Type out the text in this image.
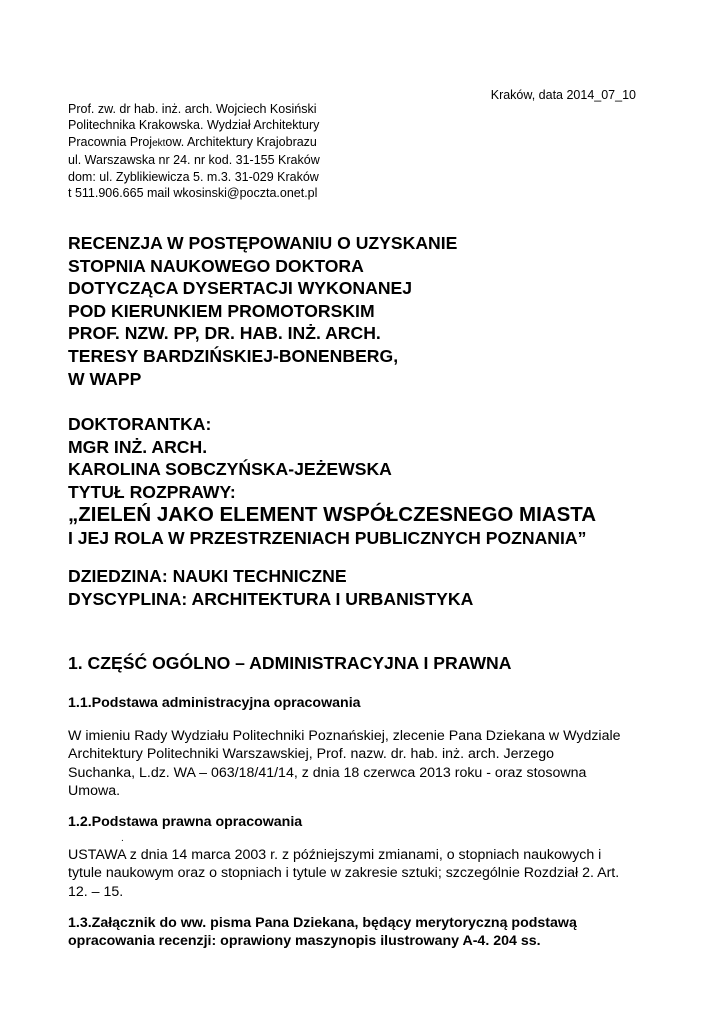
Kraków, data 2014_07_10
Prof. zw. dr hab. inż. arch. Wojciech Kosiński
Politechnika Krakowska. Wydział Architektury
Pracownia Projektow. Architektury Krajobrazu
ul. Warszawska nr 24. nr kod. 31-155 Kraków
dom: ul. Zyblikiewicza 5. m.3. 31-029 Kraków
t 511.906.665 mail wkosinski@poczta.onet.pl
RECENZJA W POSTĘPOWANIU O UZYSKANIE
STOPNIA NAUKOWEGO DOKTORA
DOTYCZĄCA DYSERTACJI WYKONANEJ
POD KIERUNKIEM PROMOTORSKIM
PROF. NZW. PP, DR. HAB. INŻ. ARCH.
TERESY BARDZIŃSKIEJ-BONENBERG,
W WAPP
DOKTORANTKA:
MGR INŻ. ARCH.
KAROLINA SOBCZYŃSKA-JEŻEWSKA
TYTUŁ ROZPRAWY:
„ZIELEŃ JAKO ELEMENT WSPÓŁCZESNEGO MIASTA
I JEJ ROLA W PRZESTRZENIACH PUBLICZNYCH POZNANIA”
DZIEDZINA: NAUKI TECHNICZNE
DYSCYPLINA: ARCHITEKTURA I URBANISTYKA
1. CZĘŚĆ OGÓLNO – ADMINISTRACYJNA I PRAWNA
1.1.Podstawa administracyjna opracowania
W imieniu Rady Wydziału Politechniki Poznańskiej, zlecenie Pana Dziekana w Wydziale
Architektury Politechniki Warszawskiej, Prof. nazw. dr. hab. inż. arch. Jerzego
Suchanka, L.dz. WA – 063/18/41/14, z dnia 18 czerwca 2013 roku - oraz stosowna
Umowa.
1.2.Podstawa prawna opracowania
.
USTAWA z dnia 14 marca 2003 r. z późniejszymi zmianami, o stopniach naukowych i
tytule naukowym oraz o stopniach i tytule w zakresie sztuki; szczególnie Rozdział 2. Art.
12. – 15.
1.3.Załącznik do ww. pisma Pana Dziekana, będący merytoryczną podstawą
opracowania recenzji: oprawiony maszynopis ilustrowany A-4. 204 ss.
